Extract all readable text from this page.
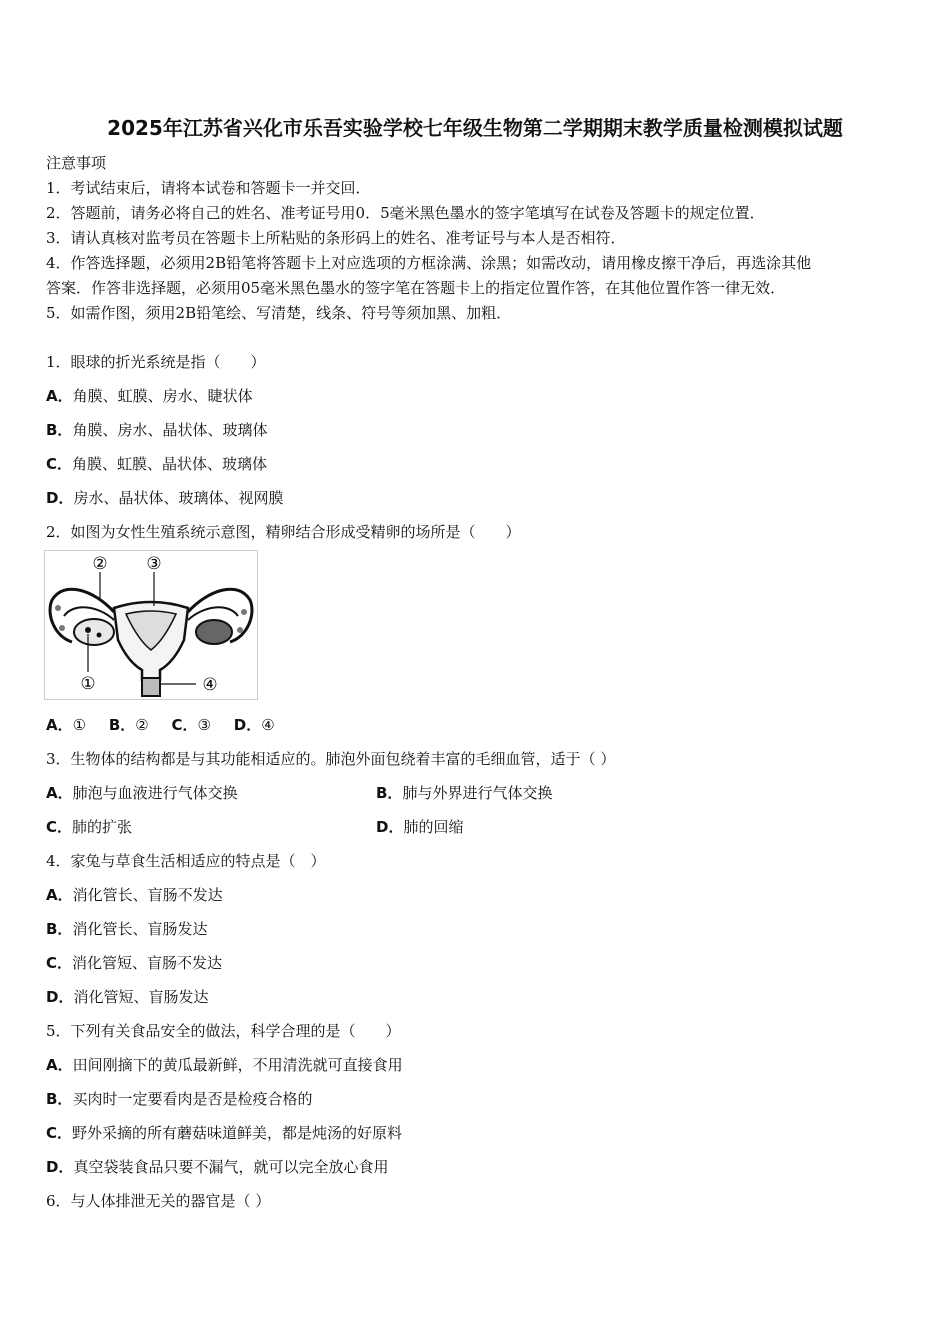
2025年江苏省兴化市乐吾实验学校七年级生物第二学期期末教学质量检测模拟试题
注意事项
1．考试结束后，请将本试卷和答题卡一并交回．
2．答题前，请务必将自己的姓名、准考证号用0．5毫米黑色墨水的签字笔填写在试卷及答题卡的规定位置．
3．请认真核对监考员在答题卡上所粘贴的条形码上的姓名、准考证号与本人是否相符．
4．作答选择题，必须用2B铅笔将答题卡上对应选项的方框涂满、涂黑；如需改动，请用橡皮擦干净后，再选涂其他
答案．作答非选择题，必须用05毫米黑色墨水的签字笔在答题卡上的指定位置作答，在其他位置作答一律无效．
5．如需作图，须用2B铅笔绘、写清楚，线条、符号等须加黑、加粗．
1．眼球的折光系统是指（　　）
A．角膜、虹膜、房水、睫状体
B．角膜、房水、晶状体、玻璃体
C．角膜、虹膜、晶状体、玻璃体
D．房水、晶状体、玻璃体、视网膜
2．如图为女性生殖系统示意图，精卵结合形成受精卵的场所是（　　）
② ③
①	④
A．① B．② C．③ D．④
3．生物体的结构都是与其功能相适应的。肺泡外面包绕着丰富的毛细血管，适于（ ）
A．肺泡与血液进行气体交换	B．肺与外界进行气体交换
C．肺的扩张	D．肺的回缩
4．家兔与草食生活相适应的特点是（　）
A．消化管长、盲肠不发达
B．消化管长、盲肠发达
C．消化管短、盲肠不发达
D．消化管短、盲肠发达
5．下列有关食品安全的做法，科学合理的是（　　）
A．田间刚摘下的黄瓜最新鲜，不用清洗就可直接食用
B．买肉时一定要看肉是否是检疫合格的
C．野外采摘的所有蘑菇味道鲜美，都是炖汤的好原料
D．真空袋装食品只要不漏气，就可以完全放心食用
6．与人体排泄无关的器官是（ ）
